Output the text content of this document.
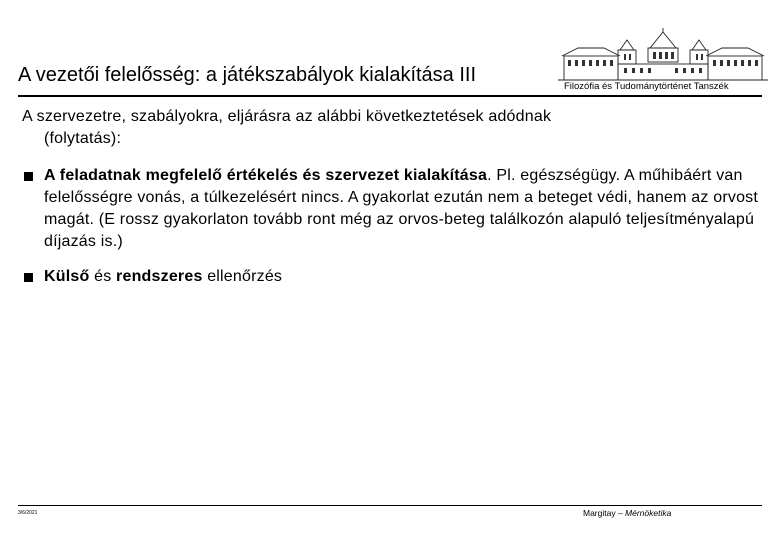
A vezetői felelősség: a játékszabályok kialakítása III
Filozófia és Tudománytörténet Tanszék
A szervezetre, szabályokra, eljárásra az alábbi következtetések adódnak
(folytatás):
A feladatnak megfelelő értékelés és szervezet kialakítása. Pl. egészségügy. A műhibáért van felelősségre vonás, a túlkezelésért nincs. A gyakorlat ezután nem a beteget védi, hanem az orvost magát. (E rossz gyakorlaton tovább ront még az orvos-beteg találkozón alapuló teljesítményalapú díjazás is.)
Külső és rendszeres ellenőrzés
3/6/2021	Margitay – Mérnöketika
